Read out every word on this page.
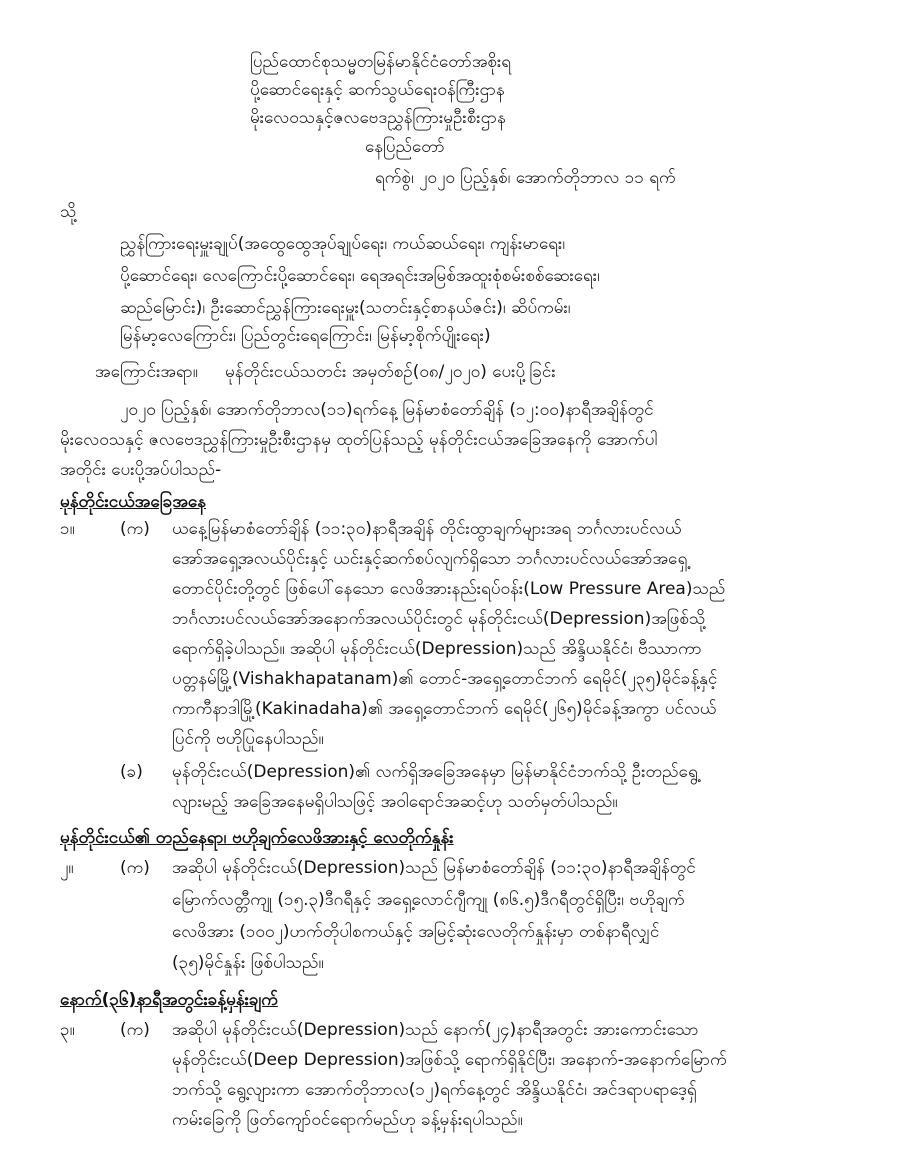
ပြည်ထောင်စုသမ္မတမြန်မာနိုင်ငံတော်အစိုးရ
ပို့ဆောင်ရေးနှင့် ဆက်သွယ်ရေးဝန်ကြီးဌာန
မိုးလေဝသနှင့်ဇလဗေဒညွှန်ကြားမှုဦးစီးဌာန
နေပြည်တော်
ရက်စွဲ၊ ၂၀၂၀ ပြည့်နှစ်၊ အောက်တိုဘာလ ၁၁ ရက်
သို့
ညွှန်ကြားရေးမှူးချုပ်(အထွေထွေအုပ်ချုပ်ရေး၊ ကယ်ဆယ်ရေး၊ ကျန်းမာရေး၊
ပို့ဆောင်ရေး၊ လေကြောင်းပို့ဆောင်ရေး၊ ရေအရင်းအမြစ်အထူးစုံစမ်းစစ်ဆေးရေး၊
ဆည်မြောင်း)၊ ဦးဆောင်ညွှန်ကြားရေးမှူး(သတင်းနှင့်စာနယ်ဇင်း)၊ ဆိပ်ကမ်း၊
မြန်မာ့လေကြောင်း၊ ပြည်တွင်းရေကြောင်း၊ မြန်မာ့စိုက်ပျိုးရေး)
အကြောင်းအရာ။ မုန်တိုင်းငယ်သတင်း အမှတ်စဉ်(၀၈/၂၀၂၀) ပေးပို့ခြင်း
၂၀၂၀ ပြည့်နှစ်၊ အောက်တိုဘာလ(၁၁)ရက်နေ့ မြန်မာစံတော်ချိန် (၁၂:၀၀)နာရီအချိန်တွင်
မိုးလေဝသနှင့် ဇလဗေဒညွှန်ကြားမှုဦးစီးဌာနမှ ထုတ်ပြန်သည့် မုန်တိုင်းငယ်အခြေအနေကို အောက်ပါ
အတိုင်း ပေးပို့အပ်ပါသည်-
မုန်တိုင်းငယ်အခြေအနေ
၁။	(က) ယနေ့မြန်မာစံတော်ချိန် (၁၁:၃၀)နာရီအချိန် တိုင်းထွာချက်များအရ ဘင်္ဂလားပင်လယ်
အော်အရှေ့အလယ်ပိုင်းနှင့် ယင်းနှင့်ဆက်စပ်လျက်ရှိသော ဘင်္ဂလားပင်လယ်အော်အရှေ့
တောင်ပိုင်းတို့တွင် ဖြစ်ပေါ်နေသော လေဖိအားနည်းရပ်ဝန်း(Low Pressure Area)သည်
ဘင်္ဂလားပင်လယ်အော်အနောက်အလယ်ပိုင်းတွင် မုန်တိုင်းငယ်(Depression)အဖြစ်သို့
ရောက်ရှိခဲ့ပါသည်။ အဆိုပါ မုန်တိုင်းငယ်(Depression)သည် အိန္ဒိယနိုင်ငံ၊ ဗီဿာကာ
ပတ္တနမ်မြို့(Vishakhapatanam)၏ တောင်-အရှေ့တောင်ဘက် ရေမိုင်(၂၃၅)မိုင်ခန့်နှင့်
ကာကီနာဒါမြို့(Kakinadaha)၏ အရှေ့တောင်ဘက် ရေမိုင်(၂၆၅)မိုင်ခန့်အကွာ ပင်လယ်
ပြင်ကို ဗဟိုပြုနေပါသည်။
(ခ) မုန်တိုင်းငယ်(Depression)၏ လက်ရှိအခြေအနေမှာ မြန်မာနိုင်ငံဘက်သို့ ဦးတည်ရွေ့
လျားမည့် အခြေအနေမရှိပါသဖြင့် အဝါရောင်အဆင့်ဟု သတ်မှတ်ပါသည်။
မုန်တိုင်းငယ်၏ တည်နေရာ၊ ဗဟိုချက်လေဖိအားနှင့် လေတိုက်နှုန်း
၂။	(က) အဆိုပါ မုန်တိုင်းငယ်(Depression)သည် မြန်မာစံတော်ချိန် (၁၁:၃၀)နာရီအချိန်တွင်
မြောက်လတ္တီကျု (၁၅.၃)ဒီဂရီနှင့် အရှေ့လောင်ဂျီကျု (၈၆.၅)ဒီဂရီတွင်ရှိပြီး၊ ဗဟိုချက်
လေဖိအား (၁၀၀၂)ဟက်တိုပါစကယ်နှင့် အမြင့်ဆုံးလေတိုက်နှုန်းမှာ တစ်နာရီလျှင်
(၃၅)မိုင်နှုန်း ဖြစ်ပါသည်။
နောက်(၃၆)နာရီအတွင်းခန့်မှန်းချက်
၃။	(က) အဆိုပါ မုန်တိုင်းငယ်(Depression)သည် နောက်(၂၄)နာရီအတွင်း အားကောင်းသော
မုန်တိုင်းငယ်(Deep Depression)အဖြစ်သို့ ရောက်ရှိနိုင်ပြီး၊ အနောက်-အနောက်မြောက်
ဘက်သို့ ရွေ့လျားကာ အောက်တိုဘာလ(၁၂)ရက်နေ့တွင် အိန္ဒိယနိုင်ငံ၊ အင်ဒရာပရာဒေ့ရှ်
ကမ်းခြေကို ဖြတ်ကျော်ဝင်ရောက်မည်ဟု ခန့်မှန်းရပါသည်။
